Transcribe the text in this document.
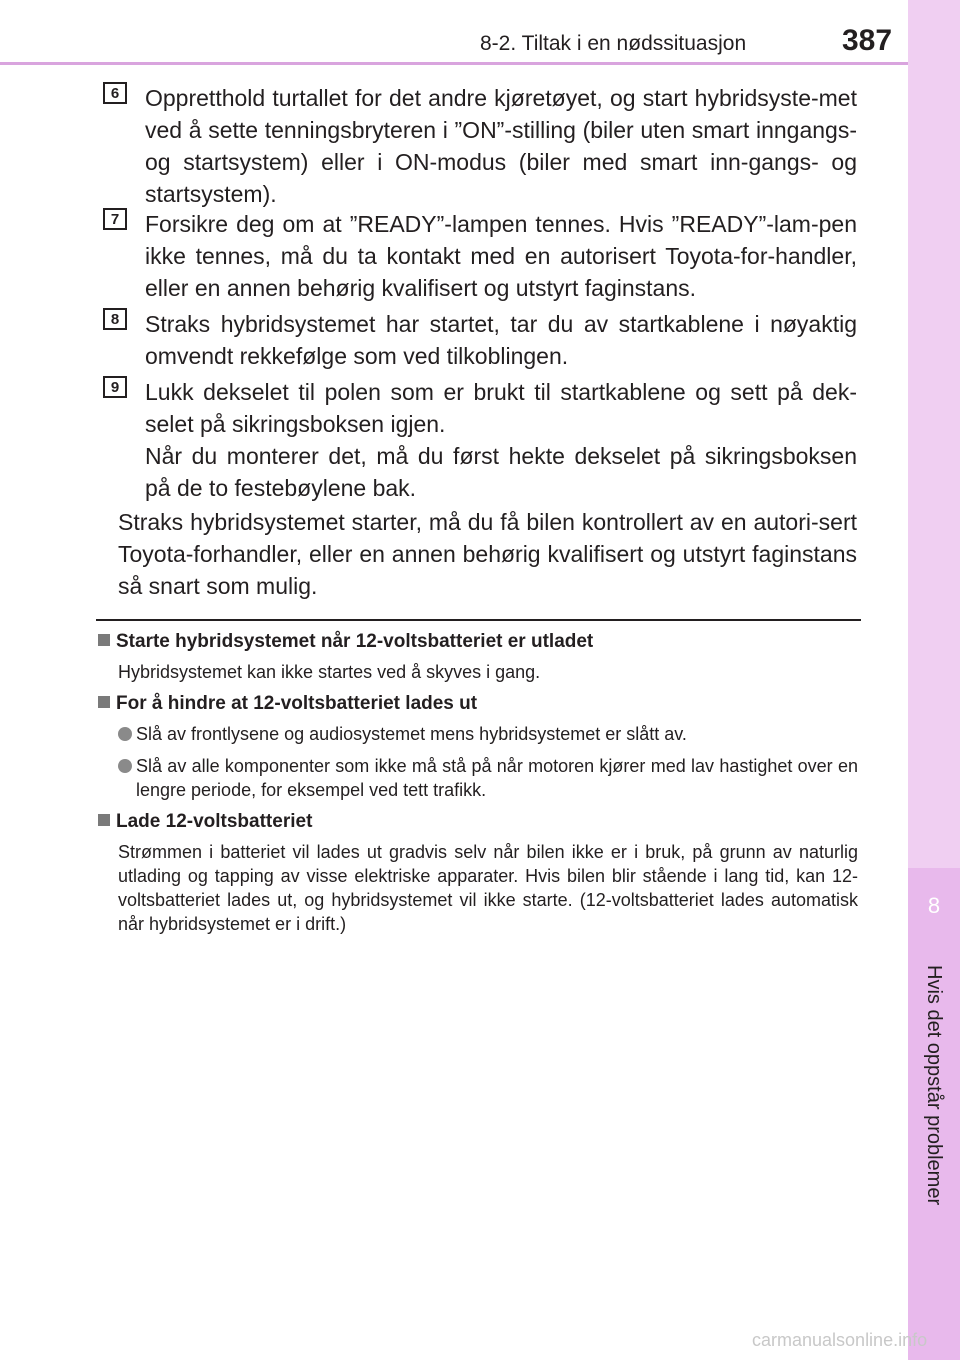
8-2. Tiltak i en nødssituasjon	387
8
Hvis det oppstår problemer
6	Oppretthold turtallet for det andre kjøretøyet, og start hybridsyste-met ved å sette tenningsbryteren i ”ON”-stilling (biler uten smart inngangs- og startsystem) eller i ON-modus (biler med smart inn-gangs- og startsystem).
7	Forsikre deg om at ”READY”-lampen tennes. Hvis ”READY”-lam-pen ikke tennes, må du ta kontakt med en autorisert Toyota-for-handler, eller en annen behørig kvalifisert og utstyrt faginstans.
8	Straks hybridsystemet har startet, tar du av startkablene i nøyaktig omvendt rekkefølge som ved tilkoblingen.
9	Lukk dekselet til polen som er brukt til startkablene og sett på dek-selet på sikringsboksen igjen.
Når du monterer det, må du først hekte dekselet på sikringsboksen på de to festebøylene bak.
Straks hybridsystemet starter, må du få bilen kontrollert av en autori-sert Toyota-forhandler, eller en annen behørig kvalifisert og utstyrt faginstans så snart som mulig.
Starte hybridsystemet når 12-voltsbatteriet er utladet
Hybridsystemet kan ikke startes ved å skyves i gang.
For å hindre at 12-voltsbatteriet lades ut
Slå av frontlysene og audiosystemet mens hybridsystemet er slått av.
Slå av alle komponenter som ikke må stå på når motoren kjører med lav hastighet over en lengre periode, for eksempel ved tett trafikk.
Lade 12-voltsbatteriet
Strømmen i batteriet vil lades ut gradvis selv når bilen ikke er i bruk, på grunn av naturlig utlading og tapping av visse elektriske apparater. Hvis bilen blir stående i lang tid, kan 12-voltsbatteriet lades ut, og hybridsystemet vil ikke starte. (12-voltsbatteriet lades automatisk når hybridsystemet er i drift.)
carmanualsonline.info
